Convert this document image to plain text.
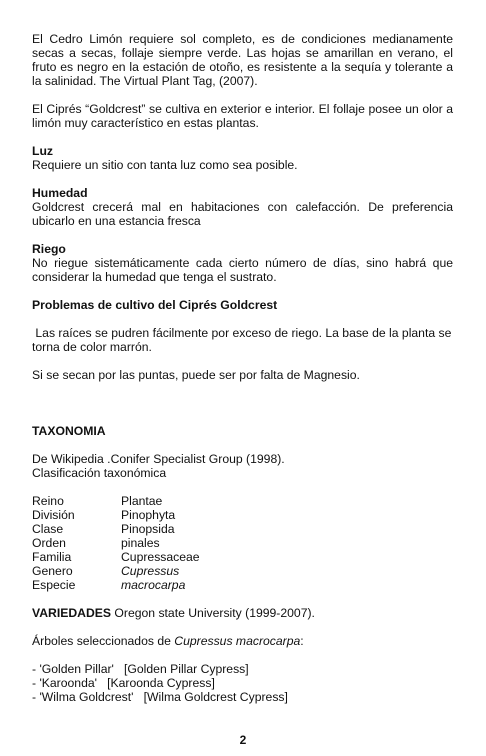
El Cedro Limón requiere sol completo, es de condiciones medianamente secas a secas, follaje siempre verde. Las hojas se amarillan en verano, el fruto es negro en la estación de otoño, es resistente a la sequía y tolerante a la salinidad. The Virtual Plant Tag, (2007).

El Ciprés “Goldcrest” se cultiva en exterior e interior. El follaje posee un olor a limón muy característico en estas plantas.

Luz

Requiere un sitio con tanta luz como sea posible.

Humedad

Goldcrest crecerá mal en habitaciones con calefacción. De preferencia ubicarlo en una estancia fresca

Riego

No riegue sistemáticamente cada cierto número de días, sino habrá que considerar la humedad que tenga el sustrato.

Problemas de cultivo del Ciprés Goldcrest

Las raíces se pudren fácilmente por exceso de riego. La base de la planta se torna de color marrón.

Si se secan por las puntas, puede ser por falta de Magnesio.

TAXONOMIA

De Wikipedia .Conifer Specialist Group (1998).

Clasificación taxonómica

Reino	Plantae
División	Pinophyta
Clase	Pinopsida
Orden	pinales
Familia	Cupressaceae
Genero	Cupressus
Especie	macrocarpa

VARIEDADES Oregon state University (1999-2007).

Árboles seleccionados de Cupressus macrocarpa:

- 'Golden Pillar'   [Golden Pillar Cypress]

- 'Karoonda'   [Karoonda Cypress]

- 'Wilma Goldcrest'   [Wilma Goldcrest Cypress]

2
